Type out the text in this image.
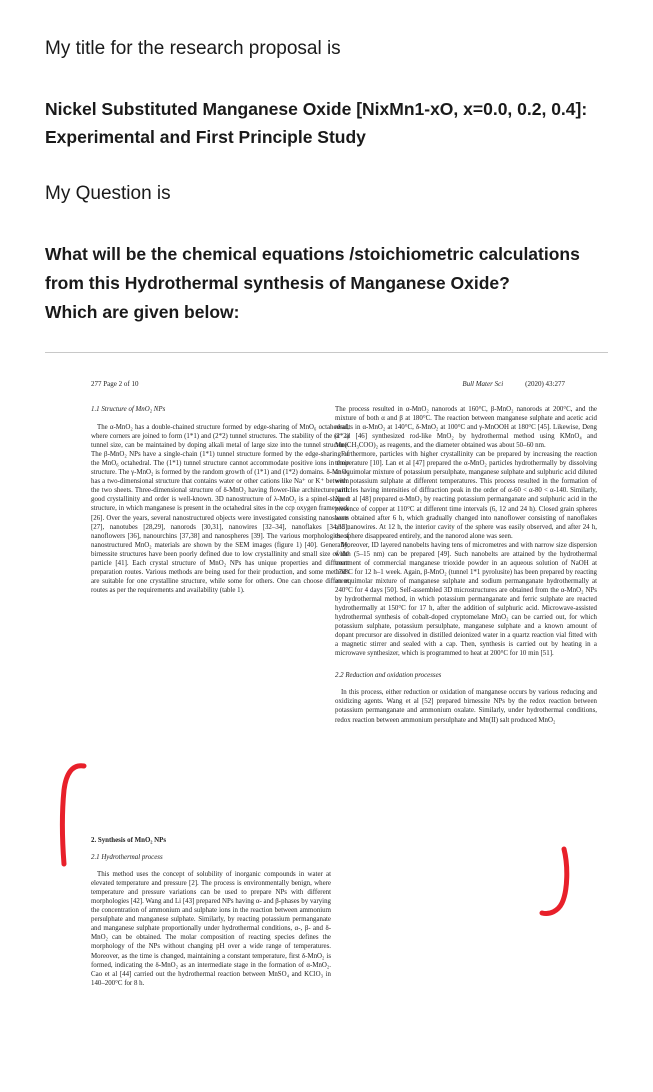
My title for the research proposal is
Nickel Substituted Manganese Oxide [NixMn1-xO, x=0.0, 0.2, 0.4]:
Experimental and First Principle Study
My Question is
What will be the chemical equations /stoichiometric calculations
from this Hydrothermal synthesis of Manganese Oxide?
Which are given below:
277 Page 2 of 10	Bull Mater Sci	(2020) 43:277

1.1 Structure of MnO₂ NPs

The α-MnO₂ has a double-chained structure formed by edge-sharing of MnO₆ octahedral, where corners are joined to form (1*1) and (2*2) tunnel structures. The stability of the (2*2) tunnel size, can be maintained by doping alkali metal of large size into the tunnel structure. The β-MnO₂ NPs have a single-chain (1*1) tunnel structure formed by the edge-sharing of the MnO₆ octahedral. The (1*1) tunnel structure cannot accommodate positive ions in their structure. The γ-MnO₂ is formed by the random growth of (1*1) and (1*2) domains. δ-MnO₂ has a two-dimensional structure that contains water or other cations like Na⁺ or K⁺ between the two sheets. Three-dimensional structure of δ-MnO₂ having flower-like architecture with good crystallinity and order is well-known. 3D nanostructure of λ-MnO₂ is a spinel-shaped structure, in which manganese is present in the octahedral sites in the ccp oxygen framework [26]. Over the years, several nanostructured objects were investigated consisting nanosheets [27], nanotubes [28,29], nanorods [30,31], nanowires [32–34], nanoflakes [34,35], nanoflowers [36], nanourchins [37,38] and nanospheres [39]. The various morphologies of nanostructured MnO₂ materials are shown by the SEM images (figure 1) [40]. Generally, birnessite structures have been poorly defined due to low crystallinity and small size of the particle [41]. Each crystal structure of MnO₂ NPs has unique properties and different preparation routes. Various methods are being used for their production, and some methods are suitable for one crystalline structure, while some for others. One can choose different routes as per the requirements and availability (table 1).

2. Synthesis of MnO₂ NPs

2.1 Hydrothermal process

This method uses the concept of solubility of inorganic compounds in water at elevated temperature and pressure [2]. The process is environmentally benign, where temperature and pressure variations can be used to prepare NPs with different morphologies [42]. Wang and Li [43] prepared NPs having α- and β-phases by varying the concentration of ammonium and sulphate ions in the reaction between ammonium persulphate and manganese sulphate. Similarly, by reacting potassium permanganate and manganese sulphate proportionally under hydrothermal conditions, α-, β- and δ-MnO₂ can be obtained. The molar composition of reacting species defines the morphology of the NPs without changing pH over a wide range of temperatures. Moreover, as the time is changed, maintaining a constant temperature, first δ-MnO₂ is formed, indicating the δ-MnO₂ as an intermediate stage in the formation of α-MnO₂. Cao et al [44] carried out the hydrothermal reaction between MnSO₄ and KClO₃ in 140–200°C for 8 h.

The process resulted in α-MnO₂ nanorods at 160°C, β-MnO₂ nanorods at 200°C, and the mixture of both α and β at 180°C. The reaction between manganese sulphate and acetic acid results in α-MnO₂ at 140°C, δ-MnO₂ at 100°C and γ-MnOOH at 180°C [45]. Likewise, Deng et al [46] synthesized rod-like MnO₂ by hydrothermal method using KMnO₄ and Mn(CH₃COO)₂ as reagents, and the diameter obtained was about 50–60 nm.

Furthermore, particles with higher crystallinity can be prepared by increasing the reaction temperature [10]. Lan et al [47] prepared the α-MnO₂ particles hydrothermally by dissolving an equimolar mixture of potassium persulphate, manganese sulphate and sulphuric acid diluted with potassium sulphate at different temperatures. This process resulted in the formation of particles having intensities of diffraction peak in the order of α-60 < α-80 < α-140. Similarly, Xu et al [48] prepared α-MnO₂ by reacting potassium permanganate and sulphuric acid in the presence of copper at 110°C at different time intervals (6, 12 and 24 h). Closed grain spheres were obtained after 6 h, which gradually changed into nanoflower consisting of nanoflakes and nanowires. At 12 h, the interior cavity of the sphere was easily observed, and after 24 h, the sphere disappeared entirely, and the nanorod alone was seen.

Moreover, ID layered nanobelts having tens of micrometres and with narrow size dispersion width (5–15 nm) can be prepared [49]. Such nanobelts are attained by the hydrothermal treatment of commercial manganese trioxide powder in an aqueous solution of NaOH at 170°C for 12 h–1 week. Again, β-MnO₂ (tunnel 1*1 pyrolusite) has been prepared by reacting an equimolar mixture of manganese sulphate and sodium permanganate hydrothermally at 240°C for 4 days [50]. Self-assembled 3D microstructures are obtained from the α-MnO₂ NPs by hydrothermal method, in which potassium permanganate and ferric sulphate are reacted hydrothermally at 150°C for 17 h, after the addition of sulphuric acid. Microwave-assisted hydrothermal synthesis of cobalt-doped cryptomelane MnO₂ can be carried out, for which potassium sulphate, potassium persulphate, manganese sulphate and a known amount of dopant precursor are dissolved in distilled deionized water in a quartz reaction vial fitted with a magnetic stirrer and sealed with a cap. Then, synthesis is carried out by heating in a microwave synthesizer, which is programmed to heat at 200°C for 10 min [51].

2.2 Reduction and oxidation processes

In this process, either reduction or oxidation of manganese occurs by various reducing and oxidizing agents. Wang et al [52] prepared birnessite NPs by the redox reaction between potassium permanganate and ammonium oxalate. Similarly, under hydrothermal conditions, redox reaction between ammonium persulphate and Mn(II) salt produced MnO₂
